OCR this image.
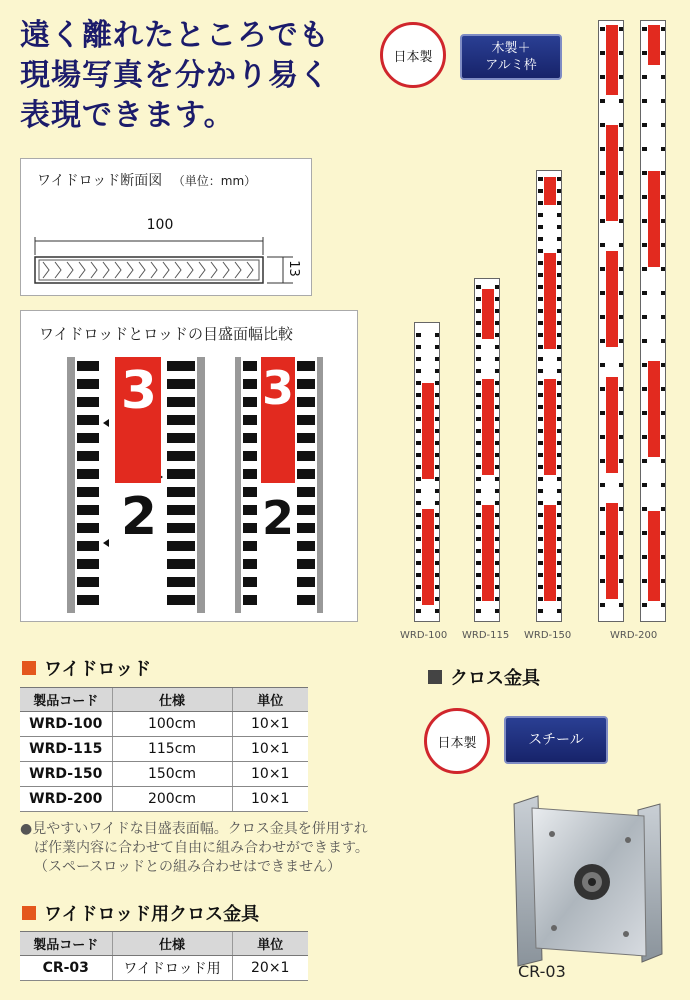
遠く離れたところでも
現場写真を分かり易く
表現できます。
日本製
木製＋
アルミ枠
ワイドロッド断面図 （単位：mm）
100
13
ワイドロッドとロッドの目盛面幅比較
3
2
3
2
WRD-100 WRD-115 WRD-150	WRD-200
ワイドロッド
製品コード	仕様	単位
WRD-100	100cm	10×1
WRD-115	115cm	10×1
WRD-150	150cm	10×1
WRD-200	200cm	10×1
●見やすいワイドな目盛表面幅。クロス金具を併用すれ
ば作業内容に合わせて自由に組み合わせができます。
（スペースロッドとの組み合わせはできません）
ワイドロッド用クロス金具
製品コード	仕様	単位
CR-03	ワイドロッド用	20×1
クロス金具
日本製	スチール
CR-03
